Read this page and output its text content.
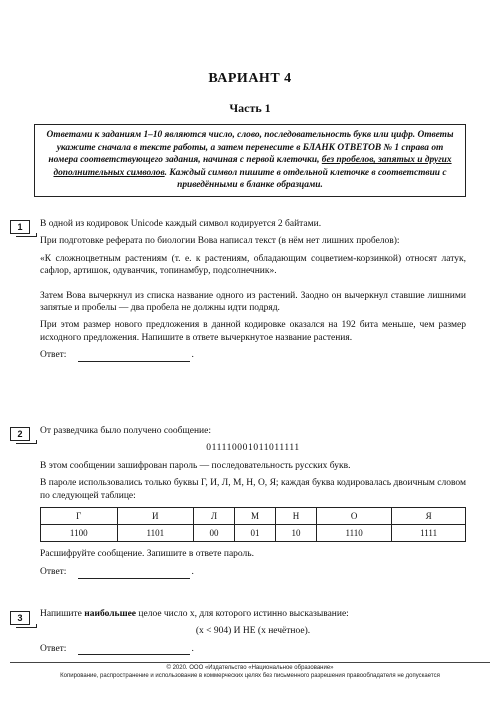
ВАРИАНТ 4
Часть 1
Ответами к заданиям 1–10 являются число, слово, последовательность букв или цифр. Ответы укажите сначала в тексте работы, а затем перенесите в БЛАНК ОТВЕТОВ № 1 справа от номера соответствующего задания, начиная с первой клеточки, без пробелов, запятых и других дополнительных символов. Каждый символ пишите в отдельной клеточке в соответствии с приведёнными в бланке образцами.
1	В одной из кодировок Unicode каждый символ кодируется 2 байтами.
При подготовке реферата по биологии Вова написал текст (в нём нет лишних пробелов):
«К сложноцветным растениям (т. е. к растениям, обладающим соцветием-корзинкой) относят латук, сафлор, артишок, одуванчик, топинамбур, подсолнечник».
Затем Вова вычеркнул из списка название одного из растений. Заодно он вычеркнул ставшие лишними запятые и пробелы — два пробела не должны идти подряд.
При этом размер нового предложения в данной кодировке оказался на 192 бита меньше, чем размер исходного предложения. Напишите в ответе вычеркнутое название растения.
Ответ:	.
2	От разведчика было получено сообщение:
011110001011011111
В этом сообщении зашифрован пароль — последовательность русских букв.
В пароле использовались только буквы Г, И, Л, М, Н, О, Я; каждая буква кодировалась двоичным словом по следующей таблице:
Г	И	Л	М	Н	О	Я
1100	1101	00	01	10	1110	1111
Расшифруйте сообщение. Запишите в ответе пароль.
Ответ:	.
3	Напишите наибольшее целое число x, для которого истинно высказывание:
(x < 904) И НЕ (x нечётное).
Ответ:	.
© 2020. ООО «Издательство «Национальное образование»
Копирование, распространение и использование в коммерческих целях без письменного разрешения правообладателя не допускается
